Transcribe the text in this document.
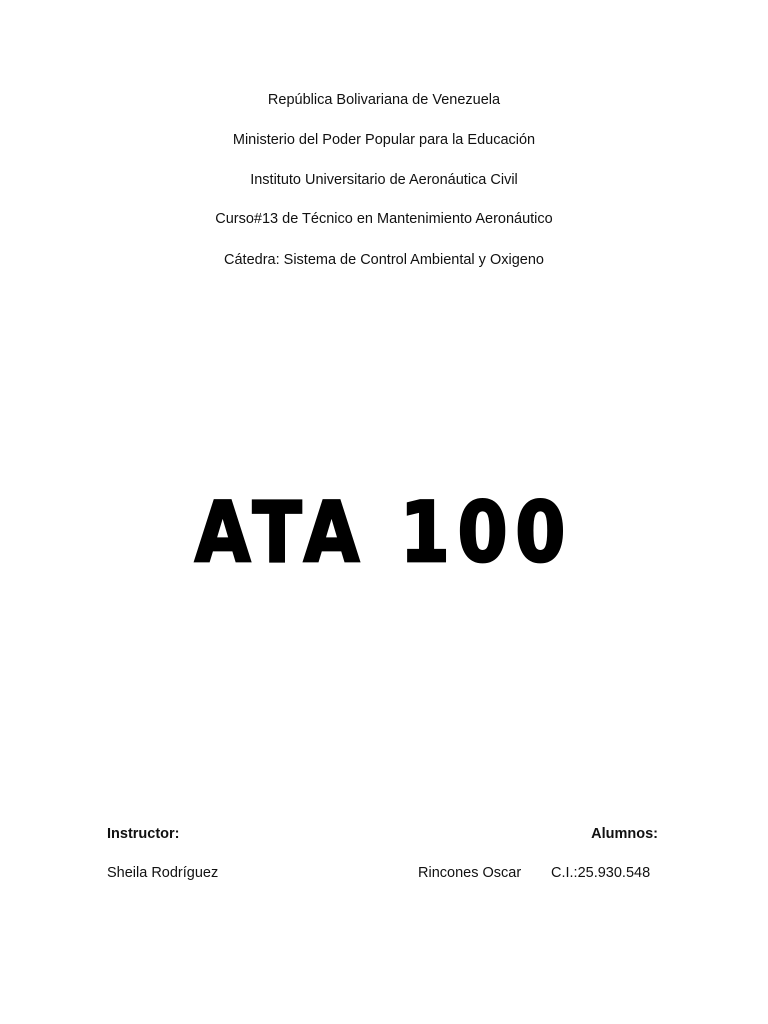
República Bolivariana de Venezuela
Ministerio del Poder Popular para la Educación
Instituto Universitario de Aeronáutica Civil
Curso#13 de Técnico en Mantenimiento Aeronáutico
Cátedra: Sistema de Control Ambiental y Oxigeno
ATA 100
Instructor:	Alumnos:
Sheila Rodríguez	Rincones Oscar C.I.:25.930.548
